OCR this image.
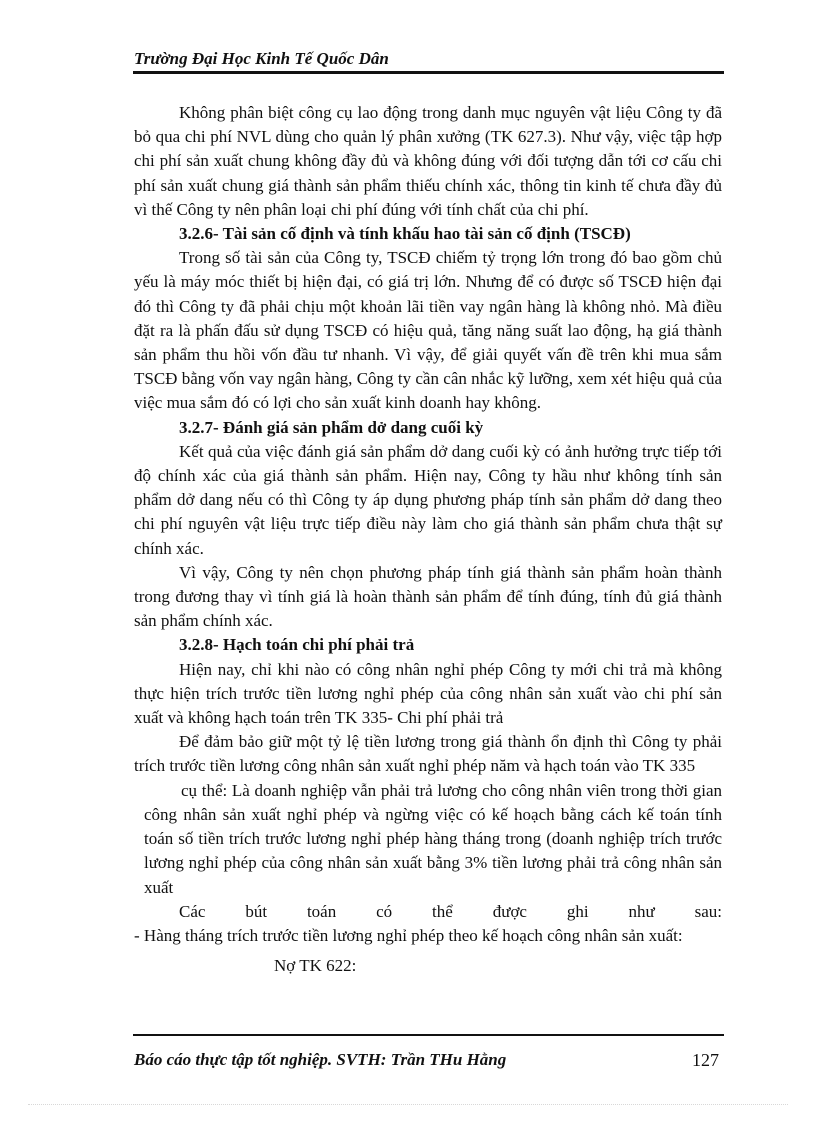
Trường Đại Học Kinh Tế Quốc Dân

Không phân biệt công cụ lao động trong danh mục nguyên vật liệu Công ty đã bỏ qua chi phí NVL dùng cho quản lý phân xưởng (TK 627.3). Như vậy, việc tập hợp chi phí sản xuất chung không đầy đủ và không đúng với đối tượng dẫn tới cơ cấu chi phí sản xuất chung giá thành sản phẩm thiếu chính xác, thông tin kinh tế chưa đầy đủ vì thế Công ty nên phân loại chi phí đúng với tính chất của chi phí.

3.2.6- Tài sản cố định và tính khấu hao tài sản cố định (TSCĐ)

Trong số tài sản của Công ty, TSCĐ chiếm tỷ trọng lớn trong đó bao gồm chủ yếu là máy móc thiết bị hiện đại, có giá trị lớn. Nhưng để có được số TSCĐ hiện đại đó thì Công ty đã phải chịu một khoản lãi tiền vay ngân hàng là không nhỏ. Mà điều đặt ra là phấn đấu sử dụng TSCĐ có hiệu quả, tăng năng suất lao động, hạ giá thành sản phẩm thu hồi vốn đầu tư nhanh. Vì vậy, để giải quyết vấn đề trên khi mua sắm TSCĐ bằng vốn vay ngân hàng, Công ty cần cân nhắc kỹ lưỡng, xem xét hiệu quả của việc mua sắm đó có lợi cho sản xuất kinh doanh hay không.

3.2.7- Đánh giá sản phẩm dở dang cuối kỳ

Kết quả của việc đánh giá sản phẩm dở dang cuối kỳ có ảnh hưởng trực tiếp tới độ chính xác của giá thành sản phẩm. Hiện nay, Công ty hầu như không tính sản phẩm dở dang nếu có thì Công ty áp dụng phương pháp tính sản phẩm dở dang theo chi phí nguyên vật liệu trực tiếp điều này làm cho giá thành sản phẩm chưa thật sự chính xác.

Vì vậy, Công ty nên chọn phương pháp tính giá thành sản phẩm hoàn thành trong đương thay vì tính giá là hoàn thành sản phẩm để tính đúng, tính đủ giá thành sản phẩm chính xác.

3.2.8- Hạch toán chi phí phải trả

Hiện nay, chỉ khi nào có công nhân nghỉ phép Công ty mới chi trả mà không thực hiện trích trước tiền lương nghỉ phép của công nhân sản xuất vào chi phí sản xuất và không hạch toán trên TK 335- Chi phí phải trả

Để đảm bảo giữ một tỷ lệ tiền lương trong giá thành ổn định thì Công ty phải trích trước tiền lương công nhân sản xuất nghỉ phép năm và hạch toán vào TK 335

cụ thể: Là doanh nghiệp vẫn phải trả lương cho công nhân viên trong thời gian công nhân sản xuất nghỉ phép và ngừng việc có kế hoạch bằng cách kế toán tính toán số tiền trích trước lương nghỉ phép hàng tháng trong (doanh nghiệp trích trước lương nghỉ phép của công nhân sản xuất bằng 3% tiền lương phải trả công nhân sản xuất

Các bút toán có thể được ghi như sau:

- Hàng tháng trích trước tiền lương nghỉ phép theo kế hoạch công nhân sản xuất:

Nợ TK 622:

Báo cáo thực tập tốt nghiệp. SVTH: Trần THu Hằng	127
